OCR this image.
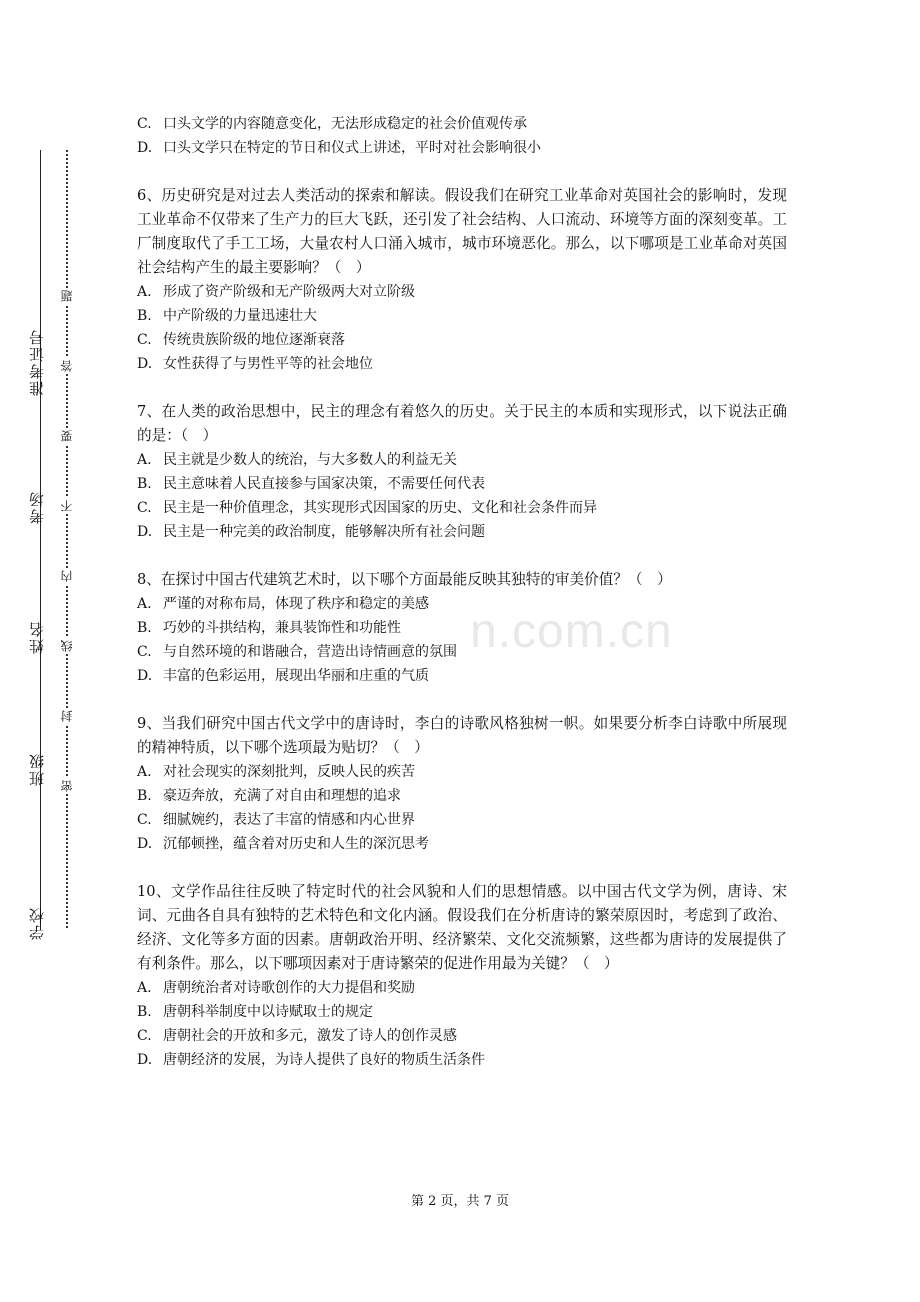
准考证号
考场
姓名
班级
学校
题
答
要
不
内
线
封
密
n.com.cn
C. 口头文学的内容随意变化，无法形成稳定的社会价值观传承
D. 口头文学只在特定的节日和仪式上讲述，平时对社会影响很小
6、历史研究是对过去人类活动的探索和解读。假设我们在研究工业革命对英国社会的影响时，发现工业革命不仅带来了生产力的巨大飞跃，还引发了社会结构、人口流动、环境等方面的深刻变革。工厂制度取代了手工工场，大量农村人口涌入城市，城市环境恶化。那么，以下哪项是工业革命对英国社会结构产生的最主要影响？（　）
A. 形成了资产阶级和无产阶级两大对立阶级
B. 中产阶级的力量迅速壮大
C. 传统贵族阶级的地位逐渐衰落
D. 女性获得了与男性平等的社会地位
7、在人类的政治思想中，民主的理念有着悠久的历史。关于民主的本质和实现形式，以下说法正确的是：（　）
A. 民主就是少数人的统治，与大多数人的利益无关
B. 民主意味着人民直接参与国家决策，不需要任何代表
C. 民主是一种价值理念，其实现形式因国家的历史、文化和社会条件而异
D. 民主是一种完美的政治制度，能够解决所有社会问题
8、在探讨中国古代建筑艺术时，以下哪个方面最能反映其独特的审美价值？（　）
A. 严谨的对称布局，体现了秩序和稳定的美感
B. 巧妙的斗拱结构，兼具装饰性和功能性
C. 与自然环境的和谐融合，营造出诗情画意的氛围
D. 丰富的色彩运用，展现出华丽和庄重的气质
9、当我们研究中国古代文学中的唐诗时，李白的诗歌风格独树一帜。如果要分析李白诗歌中所展现的精神特质，以下哪个选项最为贴切？（　）
A. 对社会现实的深刻批判，反映人民的疾苦
B. 豪迈奔放，充满了对自由和理想的追求
C. 细腻婉约，表达了丰富的情感和内心世界
D. 沉郁顿挫，蕴含着对历史和人生的深沉思考
10、文学作品往往反映了特定时代的社会风貌和人们的思想情感。以中国古代文学为例，唐诗、宋词、元曲各自具有独特的艺术特色和文化内涵。假设我们在分析唐诗的繁荣原因时，考虑到了政治、经济、文化等多方面的因素。唐朝政治开明、经济繁荣、文化交流频繁，这些都为唐诗的发展提供了有利条件。那么，以下哪项因素对于唐诗繁荣的促进作用最为关键？（　）
A. 唐朝统治者对诗歌创作的大力提倡和奖励
B. 唐朝科举制度中以诗赋取士的规定
C. 唐朝社会的开放和多元，激发了诗人的创作灵感
D. 唐朝经济的发展，为诗人提供了良好的物质生活条件
第 2 页，共 7 页
